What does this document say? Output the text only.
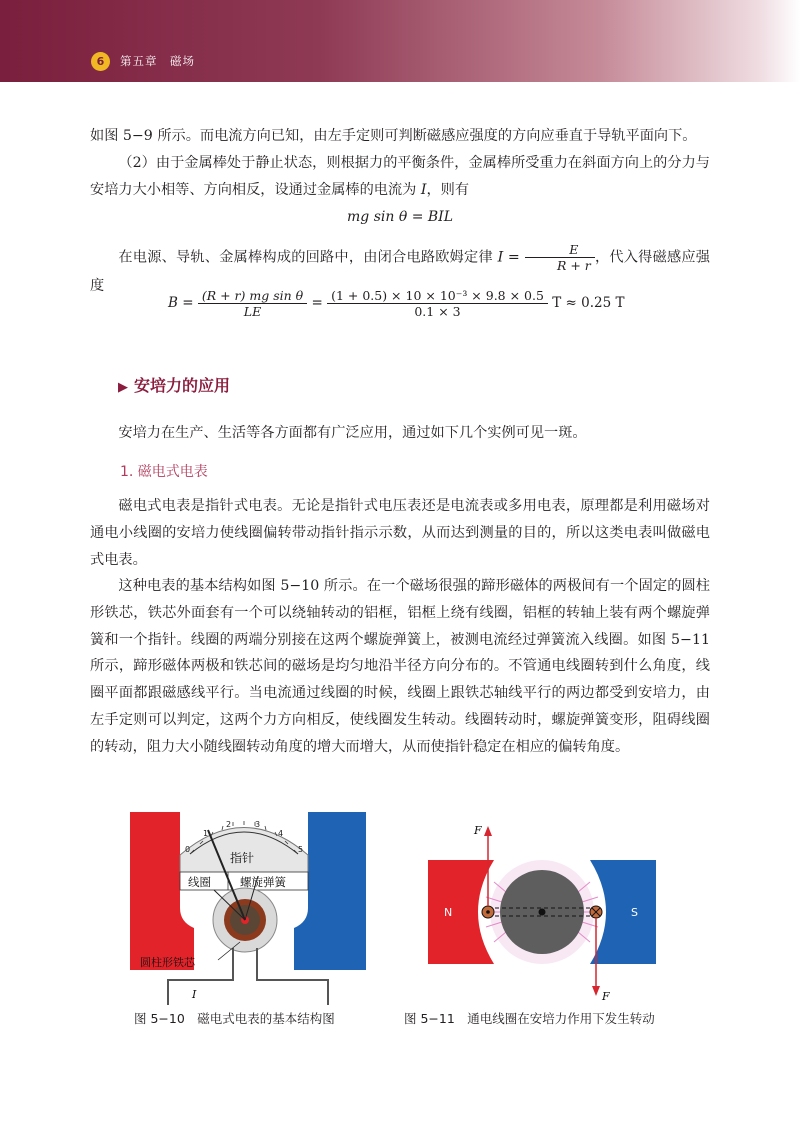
6	第五章　磁场

如图 5−9 所示。而电流方向已知，由左手定则可判断磁感应强度的方向应垂直于导轨平面向下。

（2）由于金属棒处于静止状态，则根据力的平衡条件，金属棒所受重力在斜面方向上的分力与安培力大小相等、方向相反，设通过金属棒的电流为 I，则有

mg sin θ = BIL

在电源、导轨、金属棒构成的回路中，由闭合电路欧姆定律 $I = \frac{E}{R + r}$ ，代入得磁感应强度

$B = \frac{\text{(R + r) mg sin θ}}{LE} = \frac{\text{(1 + 0.5) × 10 × 10⁻³ × 9.8 × 0.5}}{0.1 \times 3}$ T ≈ 0.25 T
▶ 安培力的应用

安培力在生产、生活等各方面都有广泛应用，通过如下几个实例可见一斑。

1. 磁电式电表

磁电式电表是指针式电表。无论是指针式电压表还是电流表或多用电表，原理都是利用磁场对通电小线圈的安培力使线圈偏转带动指针指示示数，从而达到测量的目的，所以这类电表叫做磁电式电表。

这种电表的基本结构如图 5−10 所示。在一个磁场很强的蹄形磁体的两极间有一个固定的圆柱形铁芯，铁芯外面套有一个可以绕轴转动的铝框，铝框上绕有线圈，铝框的转轴上装有两个螺旋弹簧和一个指针。线圈的两端分别接在这两个螺旋弹簧上，被测电流经过弹簧流入线圈。如图 5−11 所示，蹄形磁体两极和铁芯间的磁场是均匀地沿半径方向分布的。不管通电线圈转到什么角度，线圈平面都跟磁感线平行。当电流通过线圈的时候，线圈上跟铁芯轴线平行的两边都受到安培力，由左手定则可以判定，这两个力方向相反，使线圈发生转动。线圈转动时，螺旋弹簧变形，阻碍线圈的转动，阻力大小随线圈转动角度的增大而增大，从而使指针稳定在相应的偏转角度。

0
1
2	3
4
5
指针
线圈	螺旋弹簧
N	S
圆柱形铁芯
I
图 5−10　磁电式电表的基本结构图
F
F
N	S
图 5−11　通电线圈在安培力作用下发生转动
